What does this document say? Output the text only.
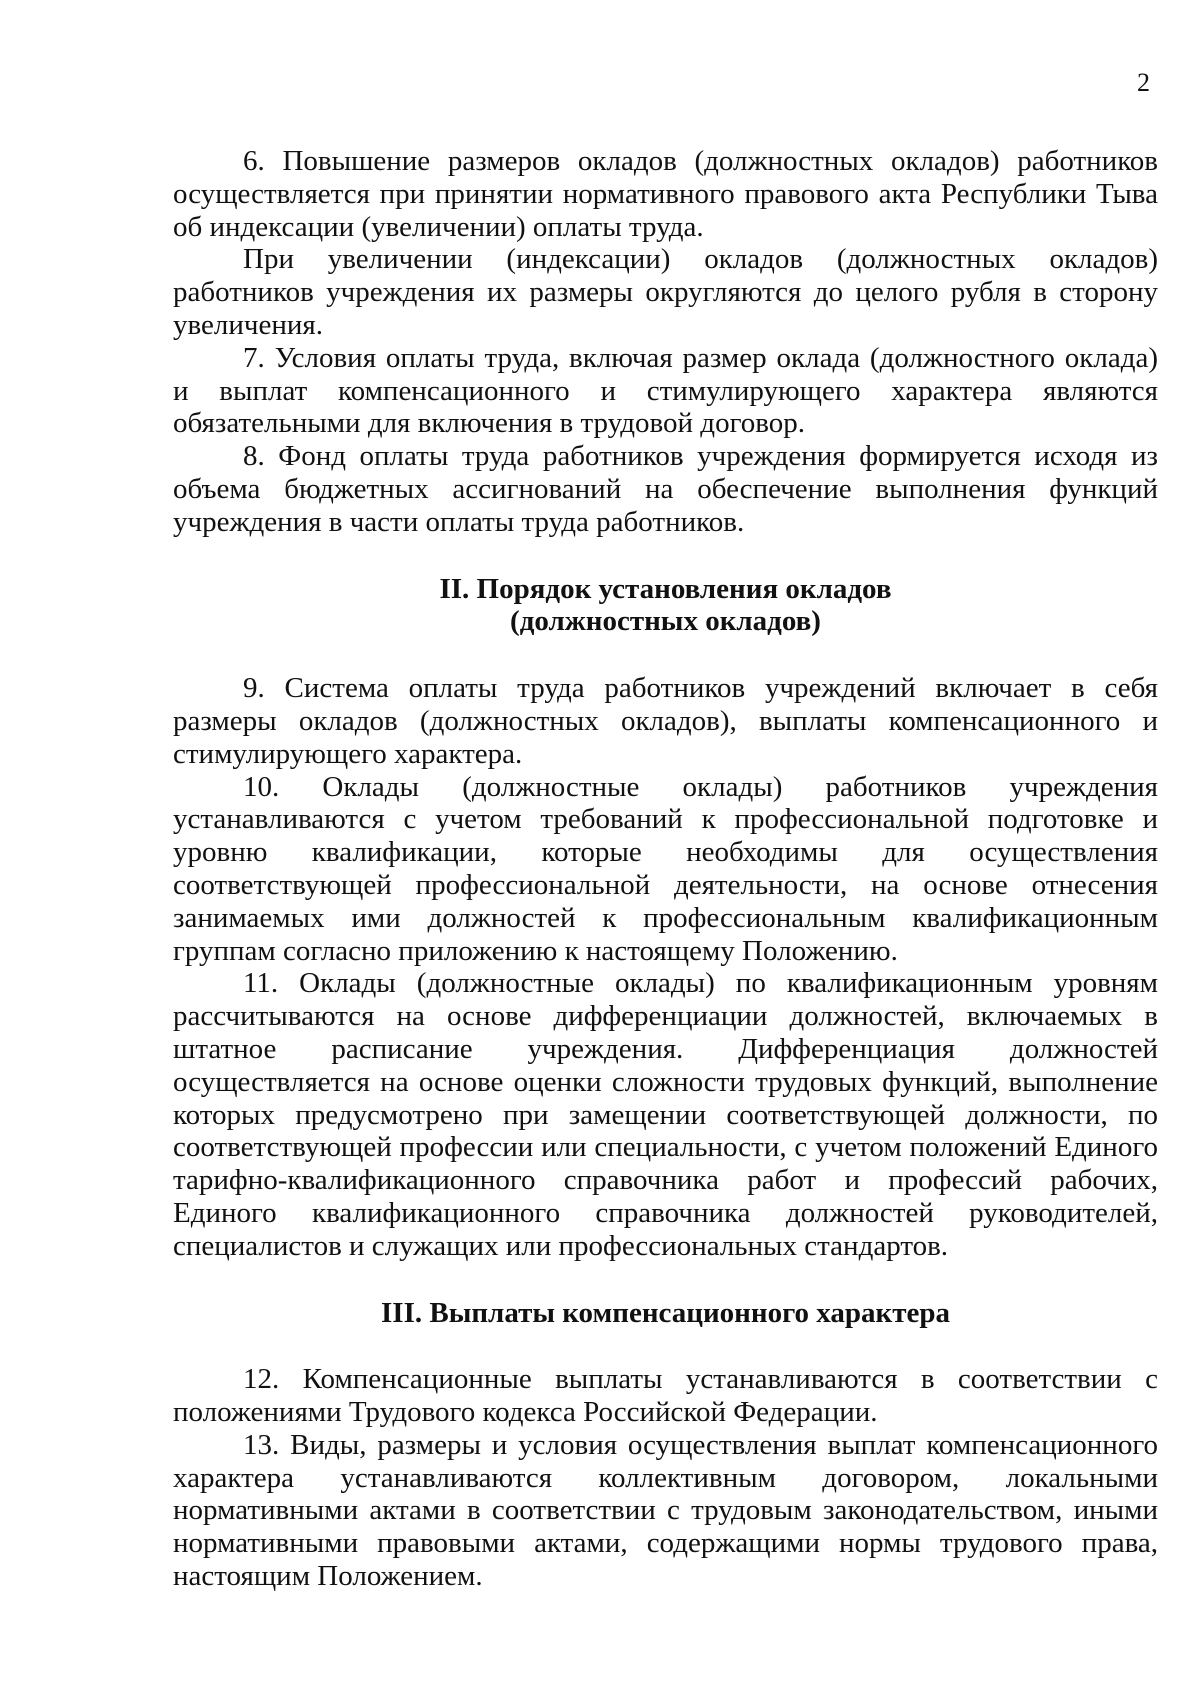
2

6. Повышение размеров окладов (должностных окладов) работников осуществляется при принятии нормативного правового акта Республики Тыва об индексации (увеличении) оплаты труда.

При увеличении (индексации) окладов (должностных окладов) работников учреждения их размеры округляются до целого рубля в сторону увеличения.

7. Условия оплаты труда, включая размер оклада (должностного оклада) и выплат компенсационного и стимулирующего характера являются обязательными для включения в трудовой договор.

8. Фонд оплаты труда работников учреждения формируется исходя из объема бюджетных ассигнований на обеспечение выполнения функций учреждения в части оплаты труда работников.

II. Порядок установления окладов
(должностных окладов)

9. Система оплаты труда работников учреждений включает в себя размеры окладов (должностных окладов), выплаты компенсационного и стимулирующего характера.

10. Оклады (должностные оклады) работников учреждения устанавливаются с учетом требований к профессиональной подготовке и уровню квалификации, которые необходимы для осуществления соответствующей профессиональной деятельности, на основе отнесения занимаемых ими должностей к профессиональным квалификационным группам согласно приложению к настоящему Положению.

11. Оклады (должностные оклады) по квалификационным уровням рассчитываются на основе дифференциации должностей, включаемых в штатное расписание учреждения. Дифференциация должностей осуществляется на основе оценки сложности трудовых функций, выполнение которых предусмотрено при замещении соответствующей должности, по соответствующей профессии или специальности, с учетом положений Единого тарифно-квалификационного справочника работ и профессий рабочих, Единого квалификационного справочника должностей руководителей, специалистов и служащих или профессиональных стандартов.

III. Выплаты компенсационного характера

12. Компенсационные выплаты устанавливаются в соответствии с положениями Трудового кодекса Российской Федерации.

13. Виды, размеры и условия осуществления выплат компенсационного характера устанавливаются коллективным договором, локальными нормативными актами в соответствии с трудовым законодательством, иными нормативными правовыми актами, содержащими нормы трудового права, настоящим Положением.
